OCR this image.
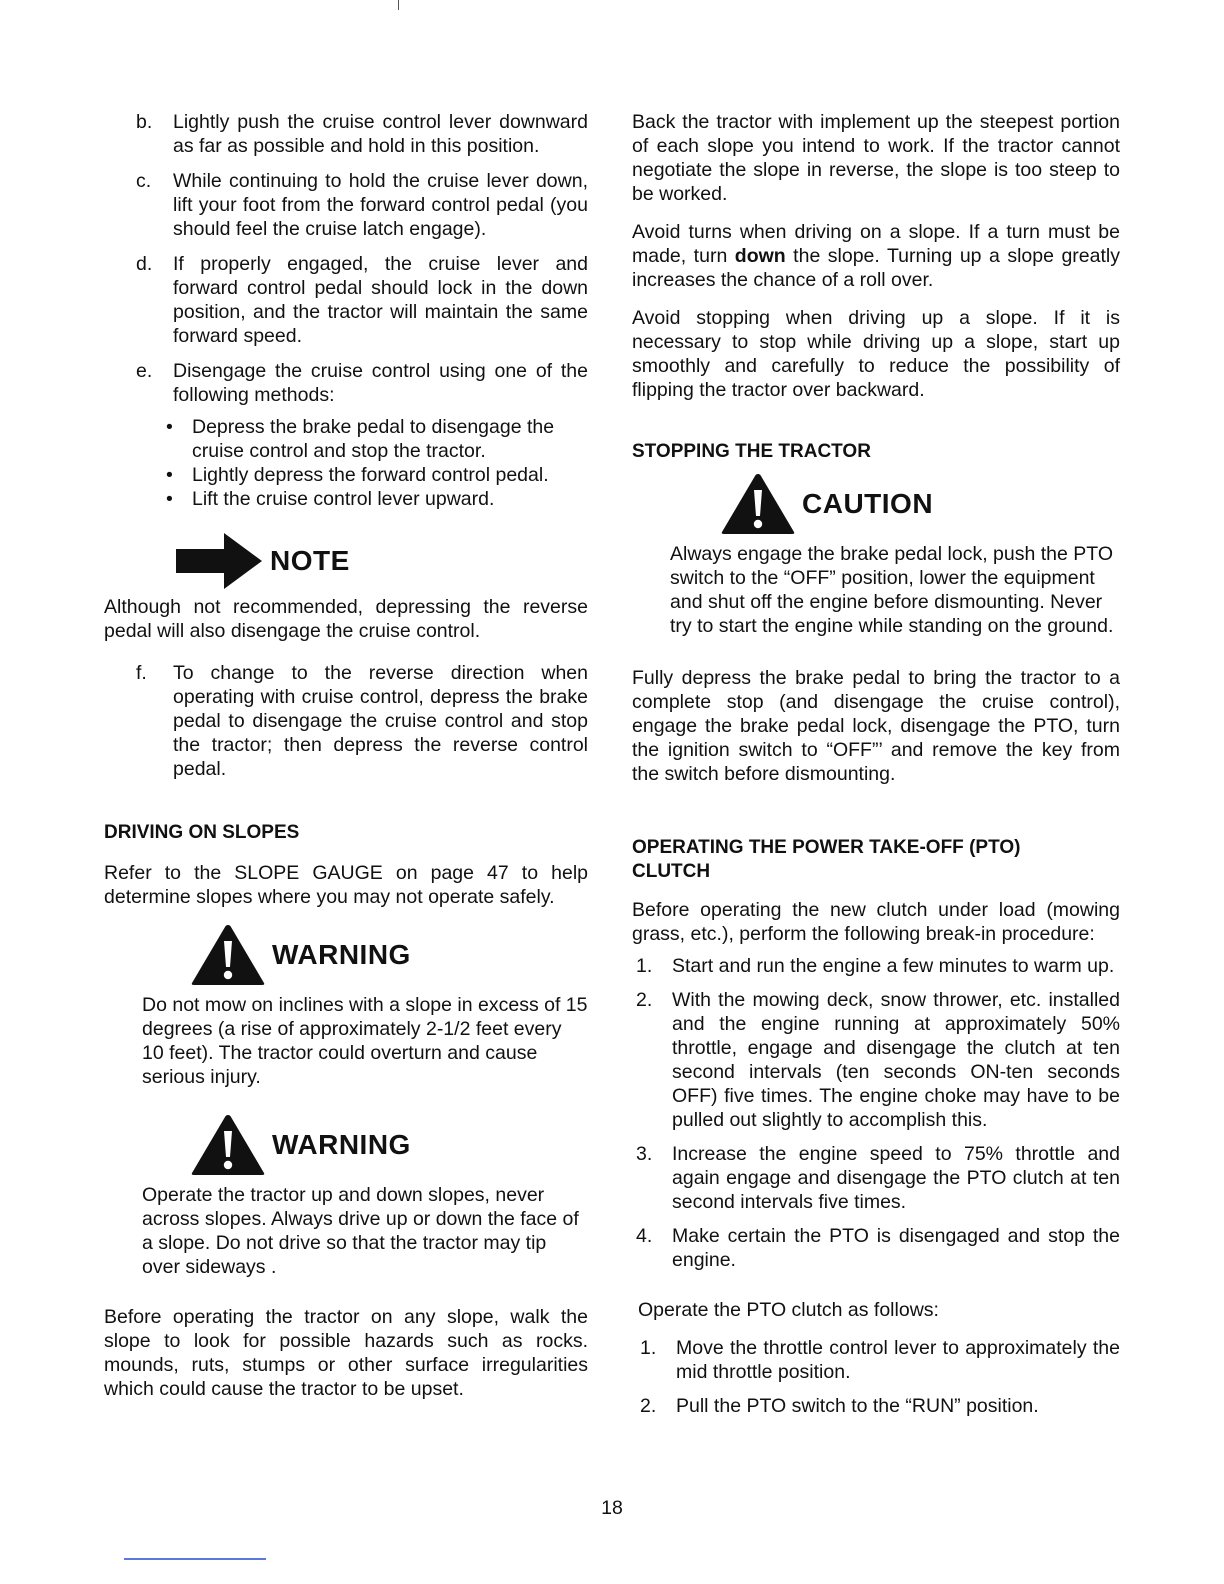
b. Lightly push the cruise control lever downward as far as possible and hold in this position.
c. While continuing to hold the cruise lever down, lift your foot from the forward control pedal (you should feel the cruise latch engage).
d. If properly engaged, the cruise lever and forward control pedal should lock in the down position, and the tractor will maintain the same forward speed.
e. Disengage the cruise control using one of the following methods:
• Depress the brake pedal to disengage the cruise control and stop the tractor.
• Lightly depress the forward control pedal.
• Lift the cruise control lever upward.
NOTE

Although not recommended, depressing the reverse pedal will also disengage the cruise control.

f. To change to the reverse direction when operating with cruise control, depress the brake pedal to disengage the cruise control and stop the tractor; then depress the reverse control pedal.
DRIVING ON SLOPES

Refer to the SLOPE GAUGE on page 47 to help determine slopes where you may not operate safely.

WARNING

Do not mow on inclines with a slope in excess of 15 degrees (a rise of approximately 2-1/2 feet every 10 feet). The tractor could overturn and cause serious injury.

WARNING

Operate the tractor up and down slopes, never across slopes. Always drive up or down the face of a slope. Do not drive so that the tractor may tip over sideways .

Before operating the tractor on any slope, walk the slope to look for possible hazards such as rocks. mounds, ruts, stumps or other surface irregularities which could cause the tractor to be upset.

Back the tractor with implement up the steepest portion of each slope you intend to work. If the tractor cannot negotiate the slope in reverse, the slope is too steep to be worked.

Avoid turns when driving on a slope. If a turn must be made, turn down the slope. Turning up a slope greatly increases the chance of a roll over.

Avoid stopping when driving up a slope. If it is necessary to stop while driving up a slope, start up smoothly and carefully to reduce the possibility of flipping the tractor over backward.

STOPPING THE TRACTOR
CAUTION

Always engage the brake pedal lock, push the PTO switch to the “OFF” position, lower the equipment and shut off the engine before dismounting. Never try to start the engine while standing on the ground.

Fully depress the brake pedal to bring the tractor to a complete stop (and disengage the cruise control), engage the brake pedal lock, disengage the PTO, turn the ignition switch to “OFF”’ and remove the key from the switch before dismounting.

OPERATING THE POWER TAKE-OFF (PTO)
CLUTCH

Before operating the new clutch under load (mowing grass, etc.), perform the following break-in procedure:

1. Start and run the engine a few minutes to warm up.
2. With the mowing deck, snow thrower, etc. installed and the engine running at approximately 50% throttle, engage and disengage the clutch at ten second intervals (ten seconds ON-ten seconds OFF) five times. The engine choke may have to be pulled out slightly to accomplish this.
3. Increase the engine speed to 75% throttle and again engage and disengage the PTO clutch at ten second intervals five times.
4. Make certain the PTO is disengaged and stop the engine.

Operate the PTO clutch as follows:

1. Move the throttle control lever to approximately the mid throttle position.
2. Pull the PTO switch to the “RUN” position.
18
